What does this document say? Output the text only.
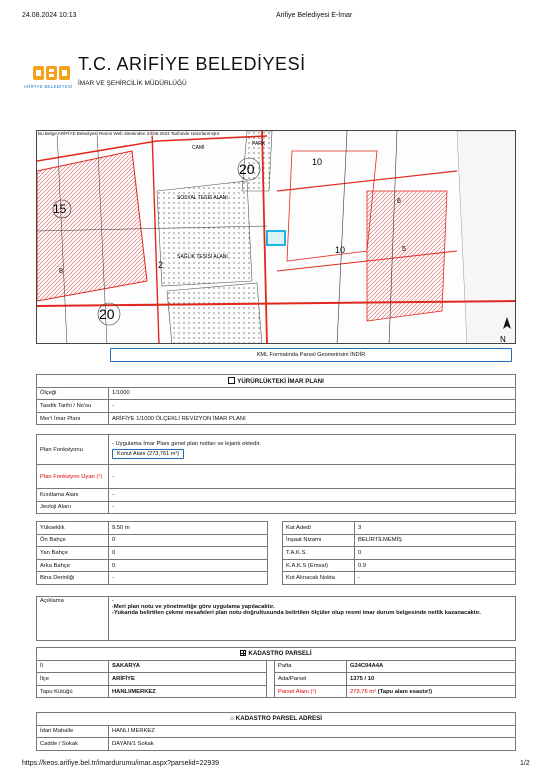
24.08.2024 10:13	Arifiye Belediyesi E-İmar
ARİFİYE BELEDİYESİ
T.C. ARİFİYE BELEDİYESİ
İMAR VE ŞEHİRCİLİK MÜDÜRLÜĞÜ
20
15
20
10
10
2
8
6
5
SAĞLIK TESİSİ ALANI
SOSYAL TESİS ALANI
CAMİ
PARK
N
Bu Belge ARİFİYE Belediyesi Resmi Web Sitesinden 24.08.2024 Tarihinde Hazırlanmıştır
KML Formatında Parsel Geometrisini İNDİR
YÜRÜRLÜKTEKİ İMAR PLANI	
Ölçeği	1/1000
Tasdik Tarihi / No'su	-
Mer'i İmar Planı	ARİFİYE 1/1000 ÖLÇEKLİ REVİZYON İMAR PLANI
Plan Fonksiyonu	- Uygulama İmar Planı genel plan notları ve lejantı ektedir.
Konut Alanı (273,761 m²)
Plan Fonksiyon Uyan (¹)	-
Kısıtlama Alanı	-
Jeoloji Alanı	-
Yükseklik	9.50 m
Ön Bahçe	0
Yan Bahçe	0
Arka Bahçe	0
Bina Derinliği	-
Kat Adedi	3
İnşaat Nizamı	BELİRTİLMEMİŞ
T.A.K.S.	0
K.A.K.S (Emsal)	0.9
Kot Alınacak Nokta	-
Açıklama	-
-Meri plan notu ve yönetmeliğe göre uygulama yapılacaktır.
-Yukarıda belirtilen çekme mesafeleri plan notu doğrultusunda belirtilen ölçüler olup resmi imar durum belgesinde netlik kazanacaktır.
KADASTRO PARSELİ				
İl	SAKARYA		Pafta	G24C04A4A
İlçe	ARİFİYE		Ada/Parsel	1375 / 10
Tapu Kütüğü	HANLI/MERKEZ		Parsel Alanı (¹)	273,76 m² (Tapu alanı esastır!)
⌂ KADASTRO PARSEL ADRESİ	
İdari Mahalle	HANLI MERKEZ
Cadde / Sokak	DAYAN/1 Sokak
https://keos.arifiye.bel.tr/imardurumu/imar.aspx?parselid=22939	1/2
